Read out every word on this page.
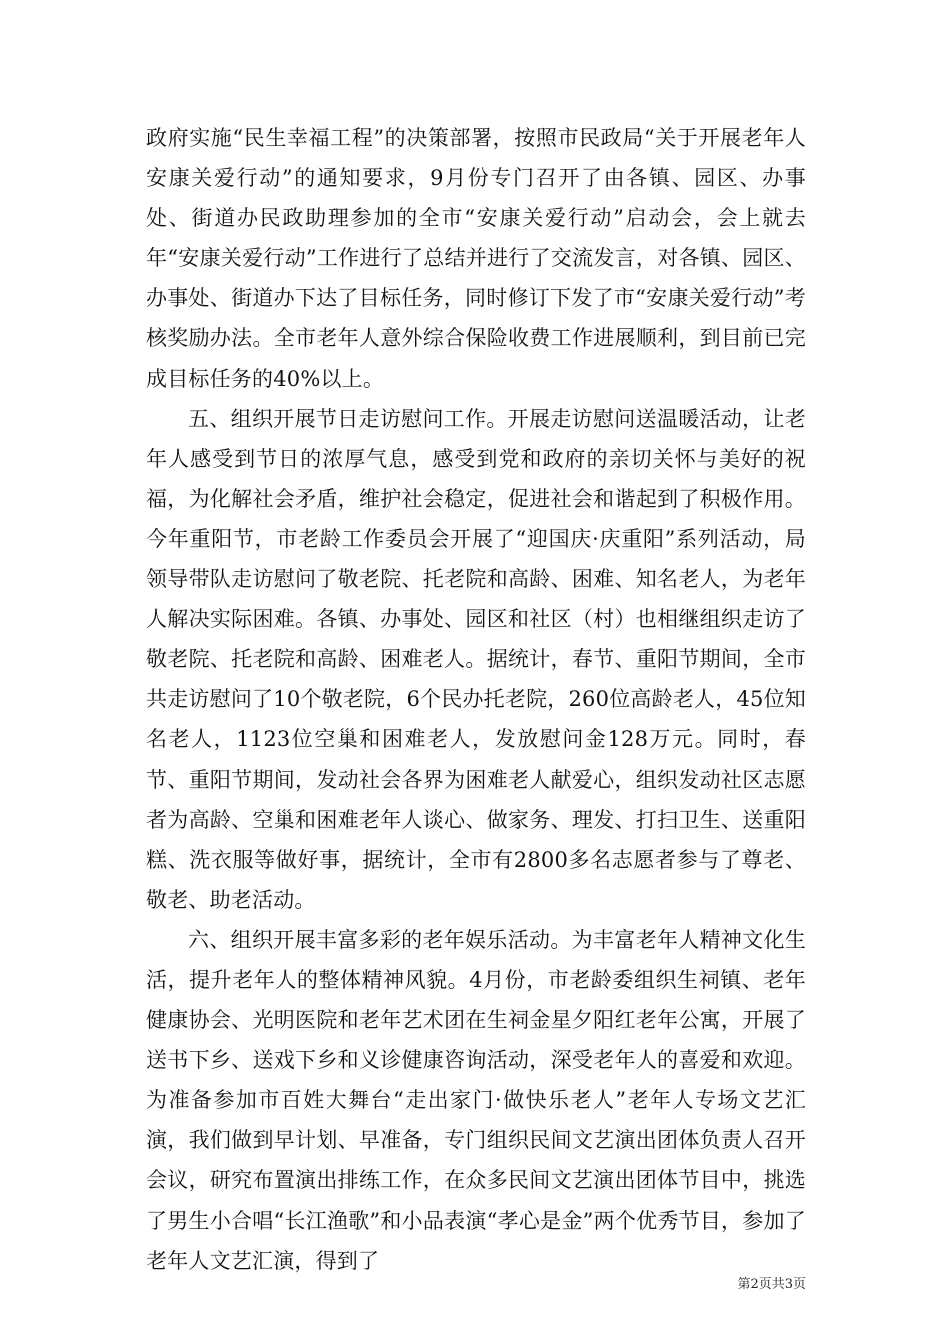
政府实施“民生幸福工程”的决策部署，按照市民政局“关于开展老年人安康关爱行动”的通知要求，9月份专门召开了由各镇、园区、办事处、街道办民政助理参加的全市“安康关爱行动”启动会，会上就去年“安康关爱行动”工作进行了总结并进行了交流发言，对各镇、园区、办事处、街道办下达了目标任务，同时修订下发了市“安康关爱行动”考核奖励办法。全市老年人意外综合保险收费工作进展顺利，到目前已完成目标任务的40%以上。

五、组织开展节日走访慰问工作。开展走访慰问送温暖活动，让老年人感受到节日的浓厚气息，感受到党和政府的亲切关怀与美好的祝福，为化解社会矛盾，维护社会稳定，促进社会和谐起到了积极作用。今年重阳节，市老龄工作委员会开展了“迎国庆·庆重阳”系列活动，局领导带队走访慰问了敬老院、托老院和高龄、困难、知名老人，为老年人解决实际困难。各镇、办事处、园区和社区（村）也相继组织走访了敬老院、托老院和高龄、困难老人。据统计，春节、重阳节期间，全市共走访慰问了10个敬老院，6个民办托老院，260位高龄老人，45位知名老人，1123位空巢和困难老人，发放慰问金128万元。同时，春节、重阳节期间，发动社会各界为困难老人献爱心，组织发动社区志愿者为高龄、空巢和困难老年人谈心、做家务、理发、打扫卫生、送重阳糕、洗衣服等做好事，据统计，全市有2800多名志愿者参与了尊老、敬老、助老活动。

六、组织开展丰富多彩的老年娱乐活动。为丰富老年人精神文化生活，提升老年人的整体精神风貌。4月份，市老龄委组织生祠镇、老年健康协会、光明医院和老年艺术团在生祠金星夕阳红老年公寓，开展了送书下乡、送戏下乡和义诊健康咨询活动，深受老年人的喜爱和欢迎。为准备参加市百姓大舞台“走出家门·做快乐老人”老年人专场文艺汇演，我们做到早计划、早准备，专门组织民间文艺演出团体负责人召开会议，研究布置演出排练工作，在众多民间文艺演出团体节目中，挑选了男生小合唱“长江渔歌”和小品表演“孝心是金”两个优秀节目，参加了老年人文艺汇演，得到了

第2页共3页
